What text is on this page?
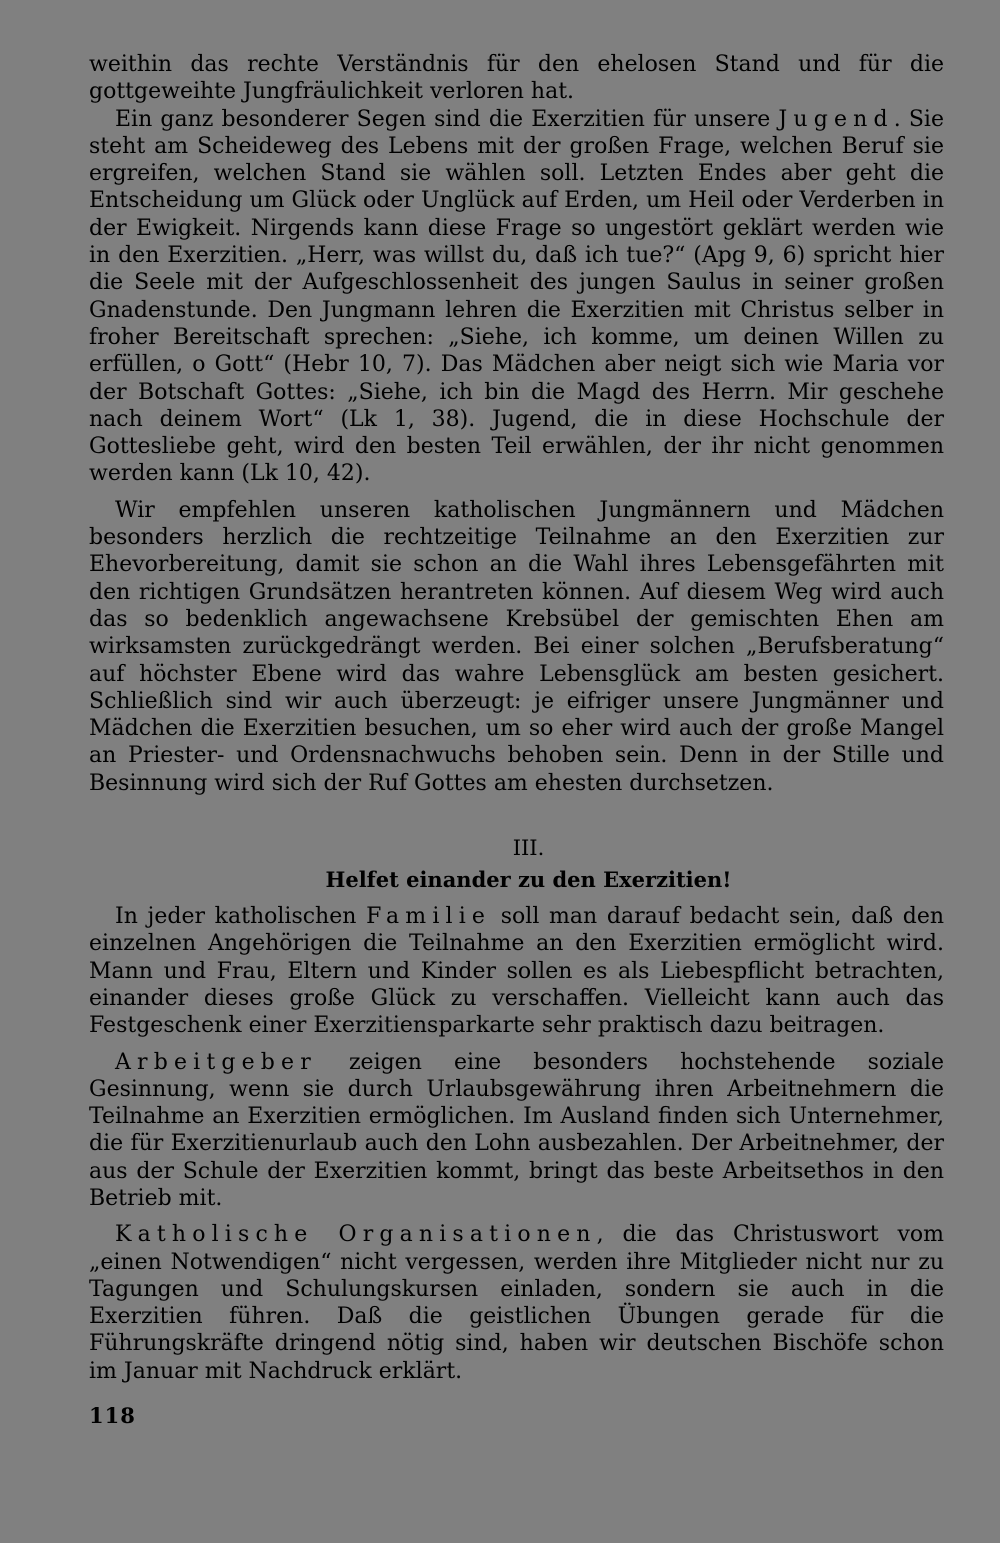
weithin das rechte Verständnis für den ehelosen Stand und für die gottgeweihte Jungfräulichkeit verloren hat.

Ein ganz besonderer Segen sind die Exerzitien für unsere Jugend. Sie steht am Scheideweg des Lebens mit der großen Frage, welchen Beruf sie ergreifen, welchen Stand sie wählen soll. Letzten Endes aber geht die Entscheidung um Glück oder Unglück auf Erden, um Heil oder Verderben in der Ewigkeit. Nirgends kann diese Frage so ungestört geklärt werden wie in den Exerzitien. „Herr, was willst du, daß ich tue?“ (Apg 9, 6) spricht hier die Seele mit der Aufgeschlossenheit des jungen Saulus in seiner großen Gnadenstunde. Den Jungmann lehren die Exerzitien mit Christus selber in froher Bereitschaft sprechen: „Siehe, ich komme, um deinen Willen zu erfüllen, o Gott“ (Hebr 10, 7). Das Mädchen aber neigt sich wie Maria vor der Botschaft Gottes: „Siehe, ich bin die Magd des Herrn. Mir geschehe nach deinem Wort“ (Lk 1, 38). Jugend, die in diese Hochschule der Gottesliebe geht, wird den besten Teil erwählen, der ihr nicht genommen werden kann (Lk 10, 42).

Wir empfehlen unseren katholischen Jungmännern und Mädchen besonders herzlich die rechtzeitige Teilnahme an den Exerzitien zur Ehevorbereitung, damit sie schon an die Wahl ihres Lebensgefährten mit den richtigen Grundsätzen herantreten können. Auf diesem Weg wird auch das so bedenklich angewachsene Krebsübel der gemischten Ehen am wirksamsten zurückgedrängt werden. Bei einer solchen „Berufsberatung“ auf höchster Ebene wird das wahre Lebensglück am besten gesichert. Schließlich sind wir auch überzeugt: je eifriger unsere Jungmänner und Mädchen die Exerzitien besuchen, um so eher wird auch der große Mangel an Priester- und Ordensnachwuchs behoben sein. Denn in der Stille und Besinnung wird sich der Ruf Gottes am ehesten durchsetzen.

III.
Helfet einander zu den Exerzitien!

In jeder katholischen Familie soll man darauf bedacht sein, daß den einzelnen Angehörigen die Teilnahme an den Exerzitien ermöglicht wird. Mann und Frau, Eltern und Kinder sollen es als Liebespflicht betrachten, einander dieses große Glück zu verschaffen. Vielleicht kann auch das Festgeschenk einer Exerzitiensparkarte sehr praktisch dazu beitragen.

Arbeitgeber zeigen eine besonders hochstehende soziale Gesinnung, wenn sie durch Urlaubsgewährung ihren Arbeitnehmern die Teilnahme an Exerzitien ermöglichen. Im Ausland finden sich Unternehmer, die für Exerzitienurlaub auch den Lohn ausbezahlen. Der Arbeitnehmer, der aus der Schule der Exerzitien kommt, bringt das beste Arbeitsethos in den Betrieb mit.

Katholische Organisationen, die das Christuswort vom „einen Notwendigen“ nicht vergessen, werden ihre Mitglieder nicht nur zu Tagungen und Schulungskursen einladen, sondern sie auch in die Exerzitien führen. Daß die geistlichen Übungen gerade für die Führungskräfte dringend nötig sind, haben wir deutschen Bischöfe schon im Januar mit Nachdruck erklärt.

118
